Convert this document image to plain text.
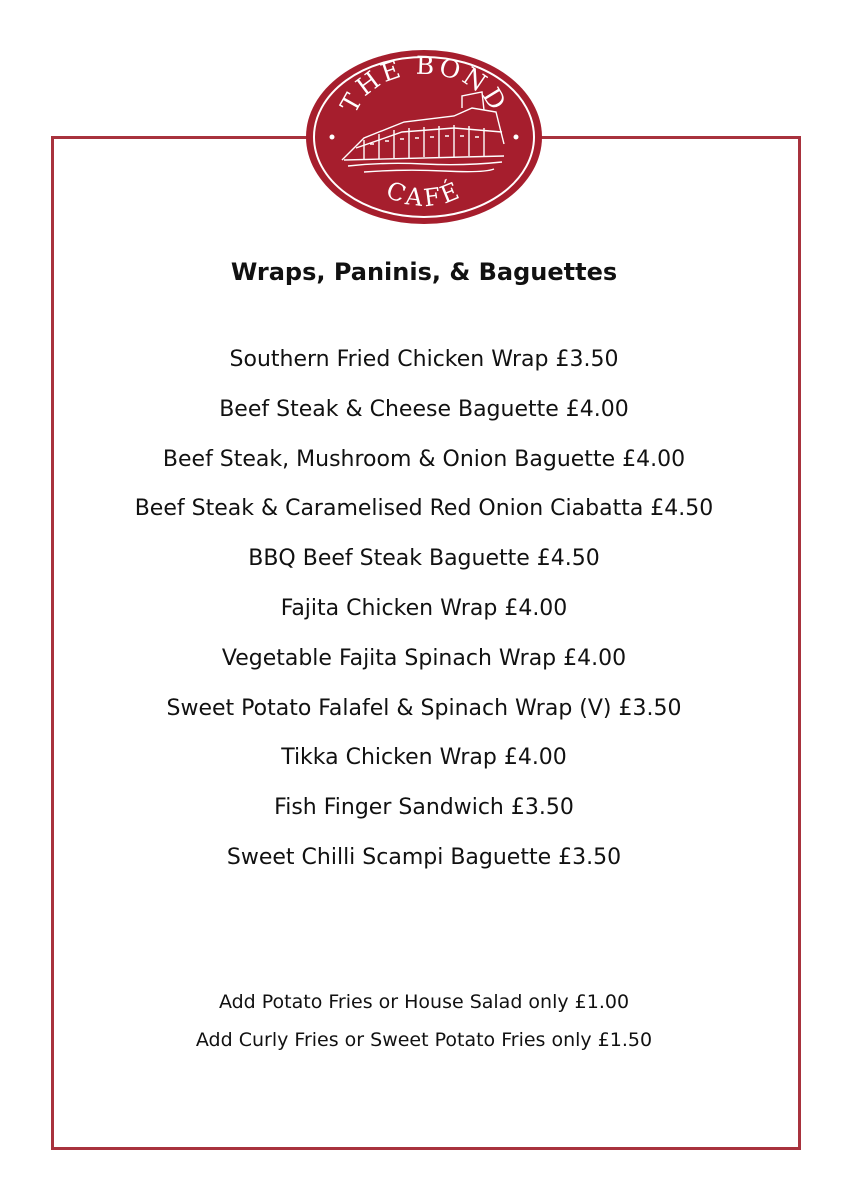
THE BOND
CAFÉ
Wraps, Paninis, & Baguettes
Southern Fried Chicken Wrap £3.50
Beef Steak & Cheese Baguette £4.00
Beef Steak, Mushroom & Onion Baguette £4.00
Beef Steak & Caramelised Red Onion Ciabatta £4.50
BBQ Beef Steak Baguette £4.50
Fajita Chicken Wrap £4.00
Vegetable Fajita Spinach Wrap £4.00
Sweet Potato Falafel & Spinach Wrap (V) £3.50
Tikka Chicken Wrap £4.00
Fish Finger Sandwich £3.50
Sweet Chilli Scampi Baguette £3.50
Add Potato Fries or House Salad only £1.00
Add Curly Fries or Sweet Potato Fries only £1.50
